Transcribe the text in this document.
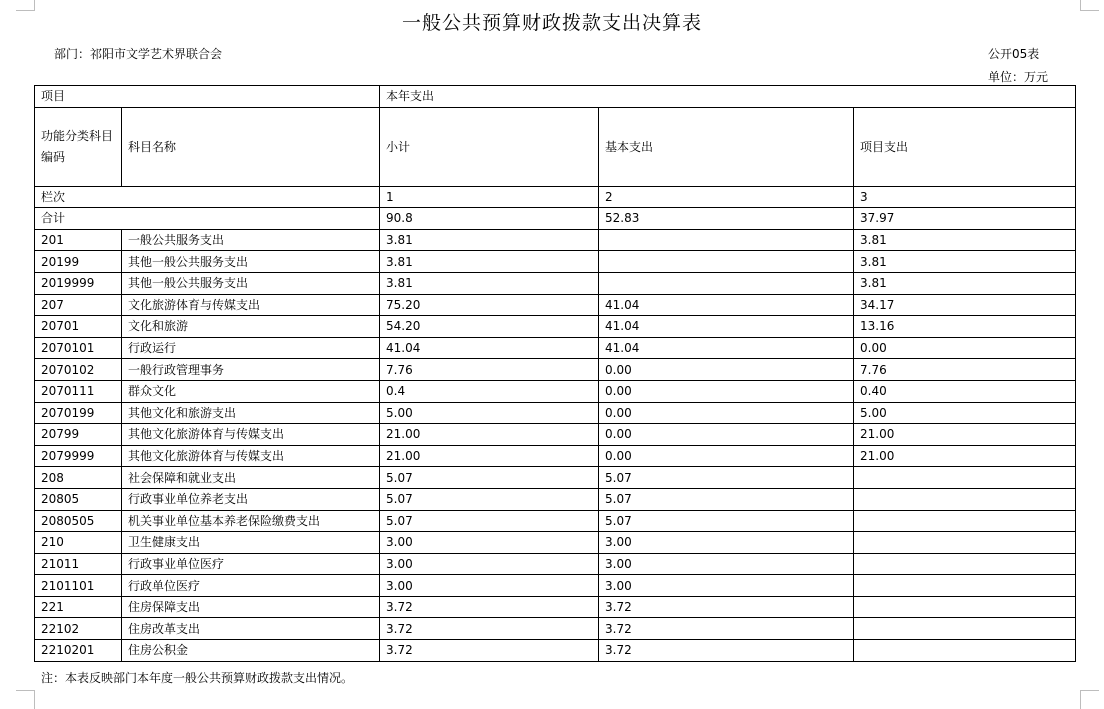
一般公共预算财政拨款支出决算表
部门：祁阳市文学艺术界联合会	公开05表
单位：万元
项目		本年支出		
功能分类科目编码	科目名称	小计	基本支出	项目支出
栏次		1	2	3
合计		90.8	52.83	37.97
201	一般公共服务支出	3.81		3.81
20199	其他一般公共服务支出	3.81		3.81
2019999	其他一般公共服务支出	3.81		3.81
207	文化旅游体育与传媒支出	75.20	41.04	34.17
20701	文化和旅游	54.20	41.04	13.16
2070101	行政运行	41.04	41.04	0.00
2070102	一般行政管理事务	7.76	0.00	7.76
2070111	群众文化	0.4	0.00	0.40
2070199	其他文化和旅游支出	5.00	0.00	5.00
20799	其他文化旅游体育与传媒支出	21.00	0.00	21.00
2079999	其他文化旅游体育与传媒支出	21.00	0.00	21.00
208	社会保障和就业支出	5.07	5.07	
20805	行政事业单位养老支出	5.07	5.07	
2080505	机关事业单位基本养老保险缴费支出	5.07	5.07	
210	卫生健康支出	3.00	3.00	
21011	行政事业单位医疗	3.00	3.00	
2101101	行政单位医疗	3.00	3.00	
221	住房保障支出	3.72	3.72	
22102	住房改革支出	3.72	3.72	
2210201	住房公积金	3.72	3.72	
注：本表反映部门本年度一般公共预算财政拨款支出情况。
